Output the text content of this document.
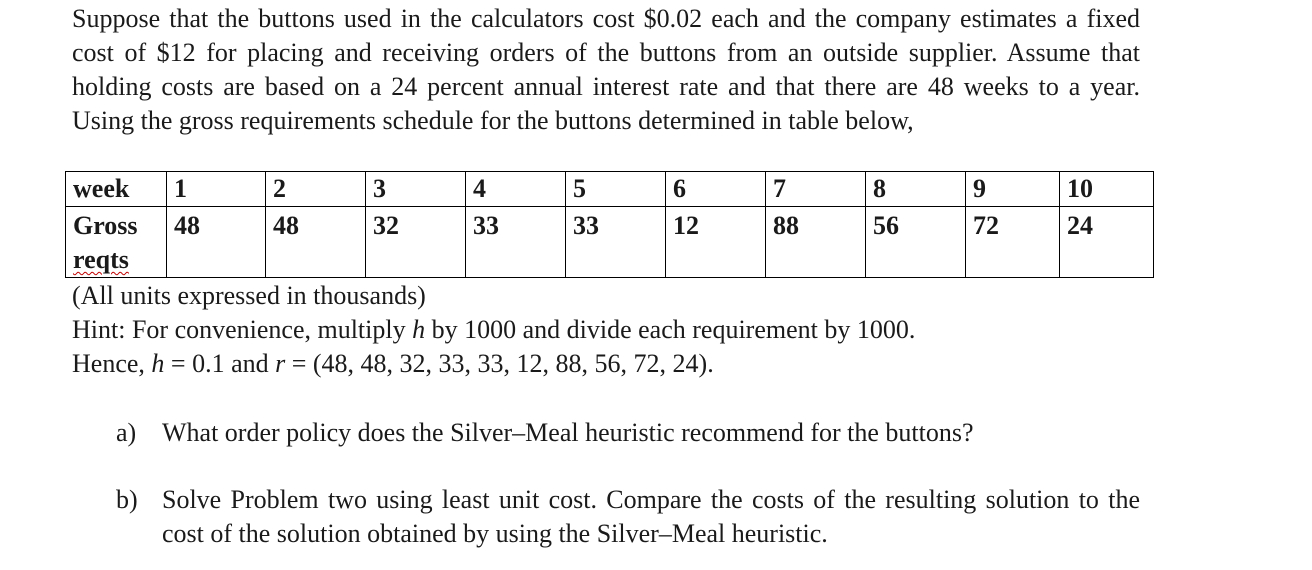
Suppose that the buttons used in the calculators cost $0.02 each and the company estimates a fixed cost of $12 for placing and receiving orders of the buttons from an outside supplier. Assume that holding costs are based on a 24 percent annual interest rate and that there are 48 weeks to a year. Using the gross requirements schedule for the buttons determined in table below,

week	1	2	3	4	5	6	7	8	9	10
Gross
reqts	48	48	32	33	33	12	88	56	72	24

(All units expressed in thousands)

Hint: For convenience, multiply h by 1000 and divide each requirement by 1000.

Hence, h = 0.1 and r = (48, 48, 32, 33, 33, 12, 88, 56, 72, 24).

a) What order policy does the Silver–Meal heuristic recommend for the buttons?
b) Solve Problem two using least unit cost. Compare the costs of the resulting solution to the cost of the solution obtained by using the Silver–Meal heuristic.
